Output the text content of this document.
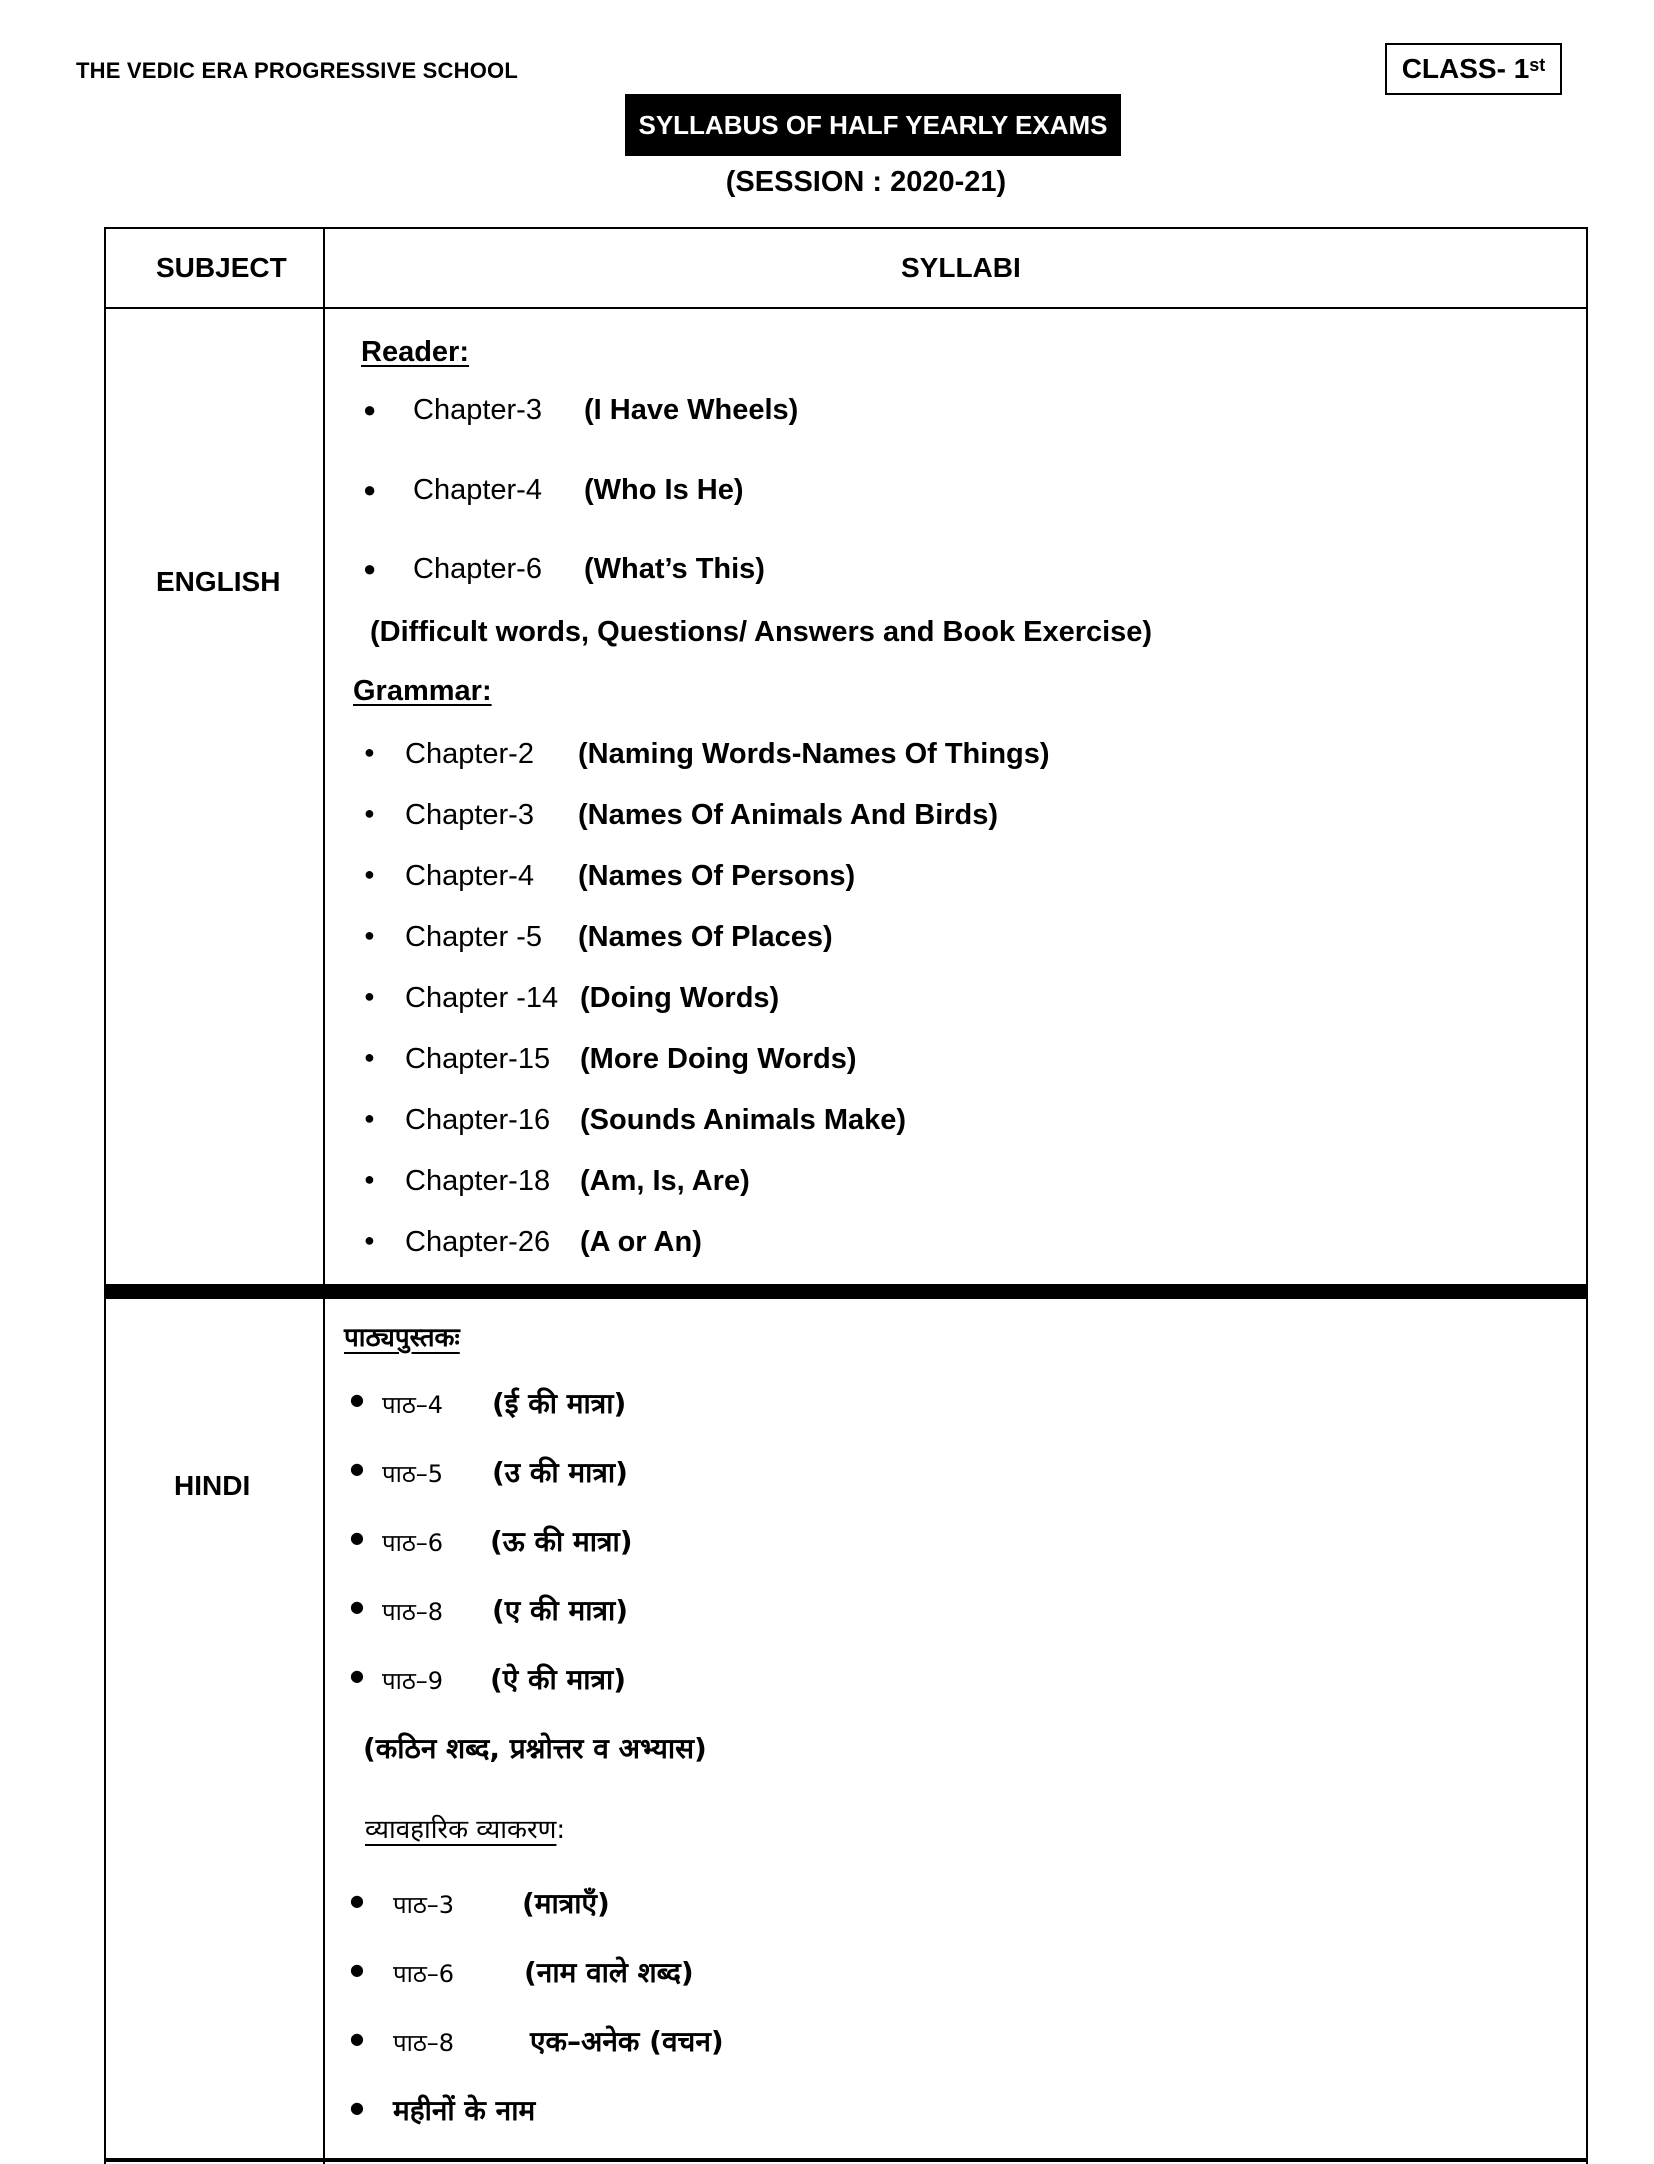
THE VEDIC ERA PROGRESSIVE SCHOOL	CLASS- 1st
SYLLABUS OF HALF YEARLY EXAMS
(SESSION : 2020-21)
SUBJECT	SYLLABI
ENGLISH
Reader:
● Chapter-3 (I Have Wheels)
● Chapter-4 (Who Is He)
● Chapter-6 (What’s This)
(Difficult words, Questions/ Answers and Book Exercise)
Grammar:
● Chapter-2 (Naming Words-Names Of Things)
● Chapter-3 (Names Of Animals And Birds)
● Chapter-4 (Names Of Persons)
● Chapter -5 (Names Of Places)
● Chapter -14 (Doing Words)
● Chapter-15 (More Doing Words)
● Chapter-16 (Sounds Animals Make)
● Chapter-18 (Am, Is, Are)
● Chapter-26 (A or An)
HINDI
पाठ्यपुस्तकः
● पाठ–4 (ई की मात्रा)
● पाठ–5 (उ की मात्रा)
● पाठ–6 (ऊ की मात्रा)
● पाठ–8 (ए की मात्रा)
● पाठ–9 (ऐ की मात्रा)
(कठिन शब्द, प्रश्नोत्तर व अभ्यास)
व्यावहारिक व्याकरण:
● पाठ–3 (मात्राएँ)
● पाठ–6 (नाम वाले शब्द)
● पाठ–8	एक–अनेक (वचन)
● महीनों के नाम
